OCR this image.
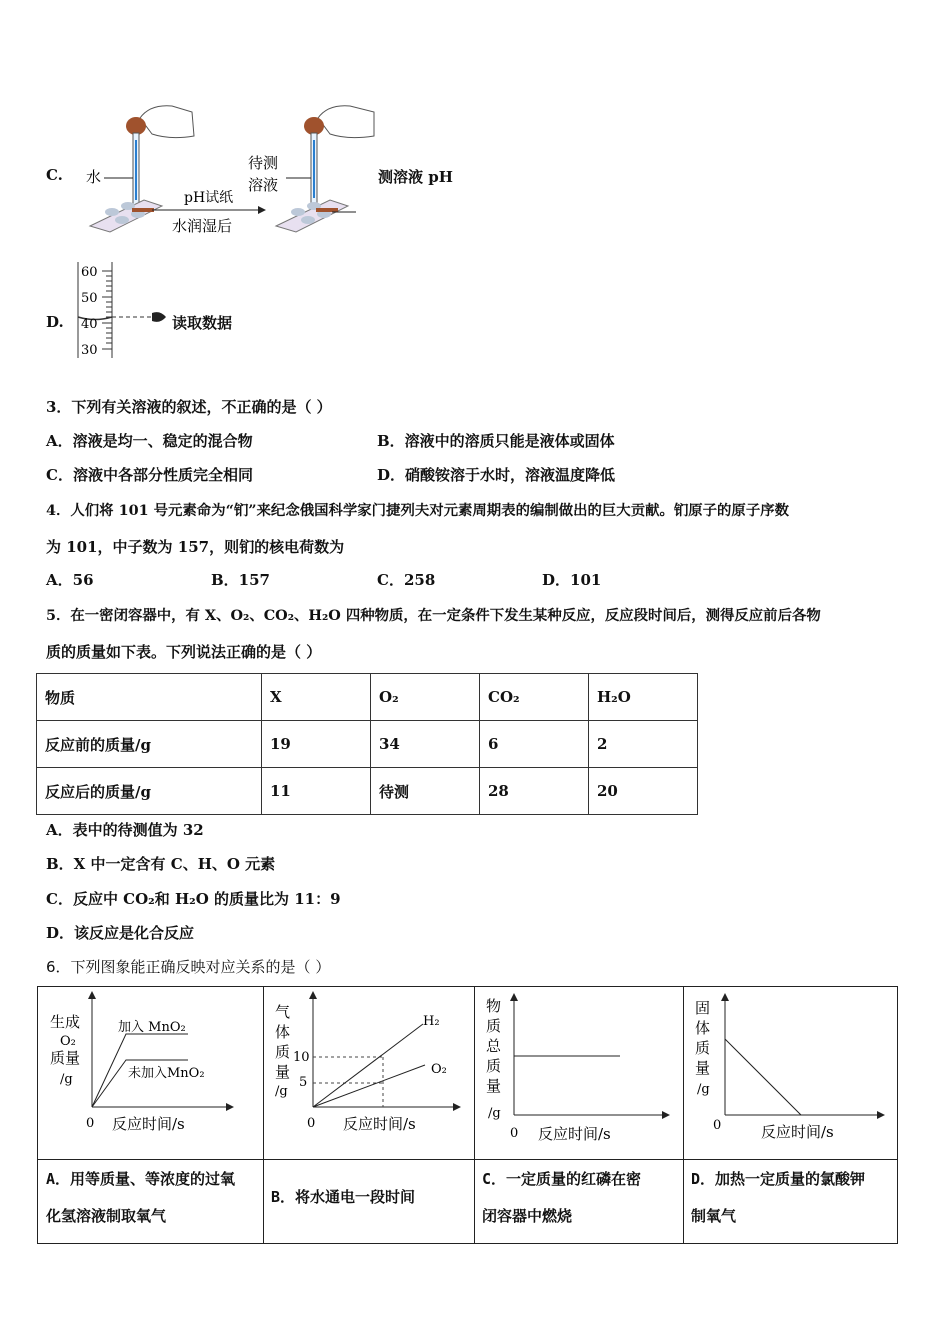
C. 水
pH试纸
水润湿后
待测
溶液	测溶液 pH
D.
60
50
40
30
读取数据
3．下列有关溶液的叙述，不正确的是（ ）
A．溶液是均一、稳定的混合物	B．溶液中的溶质只能是液体或固体
C．溶液中各部分性质完全相同	D．硝酸铵溶于水时，溶液温度降低
4．人们将 101 号元素命为“钔”来纪念俄国科学家门捷列夫对元素周期表的编制做出的巨大贡献。钔原子的原子序数
为 101，中子数为 157，则钔的核电荷数为
A．56	B．157	C．258	D．101
5．在一密闭容器中，有 X、O₂、CO₂、H₂O 四种物质，在一定条件下发生某种反应，反应段时间后，测得反应前后各物
质的质量如下表。下列说法正确的是（ ）
物质	X	O₂	CO₂	H₂O
反应前的质量/g	19	34	6	2
反应后的质量/g	11	待测	28	20
A．表中的待测值为 32
B．X 中一定含有 C、H、O 元素
C．反应中 CO₂和 H₂O 的质量比为 11：9
D．该反应是化合反应
6．下列图象能正确反映对应关系的是（ ）
生成
O₂
质量
/g
0 反应时间/s
加入 MnO₂
未加入MnO₂
气
体
质
量
/g
0 反应时间/s
10
5
H₂
O₂
物
质
总
质
量
/g
0 反应时间/s
固
体
质
量
/g
0	反应时间/s
A．用等质量、等浓度的过氧
化氢溶液制取氧气
B．将水通电一段时间
C．一定质量的红磷在密
闭容器中燃烧
D．加热一定质量的氯酸钾
制氧气
